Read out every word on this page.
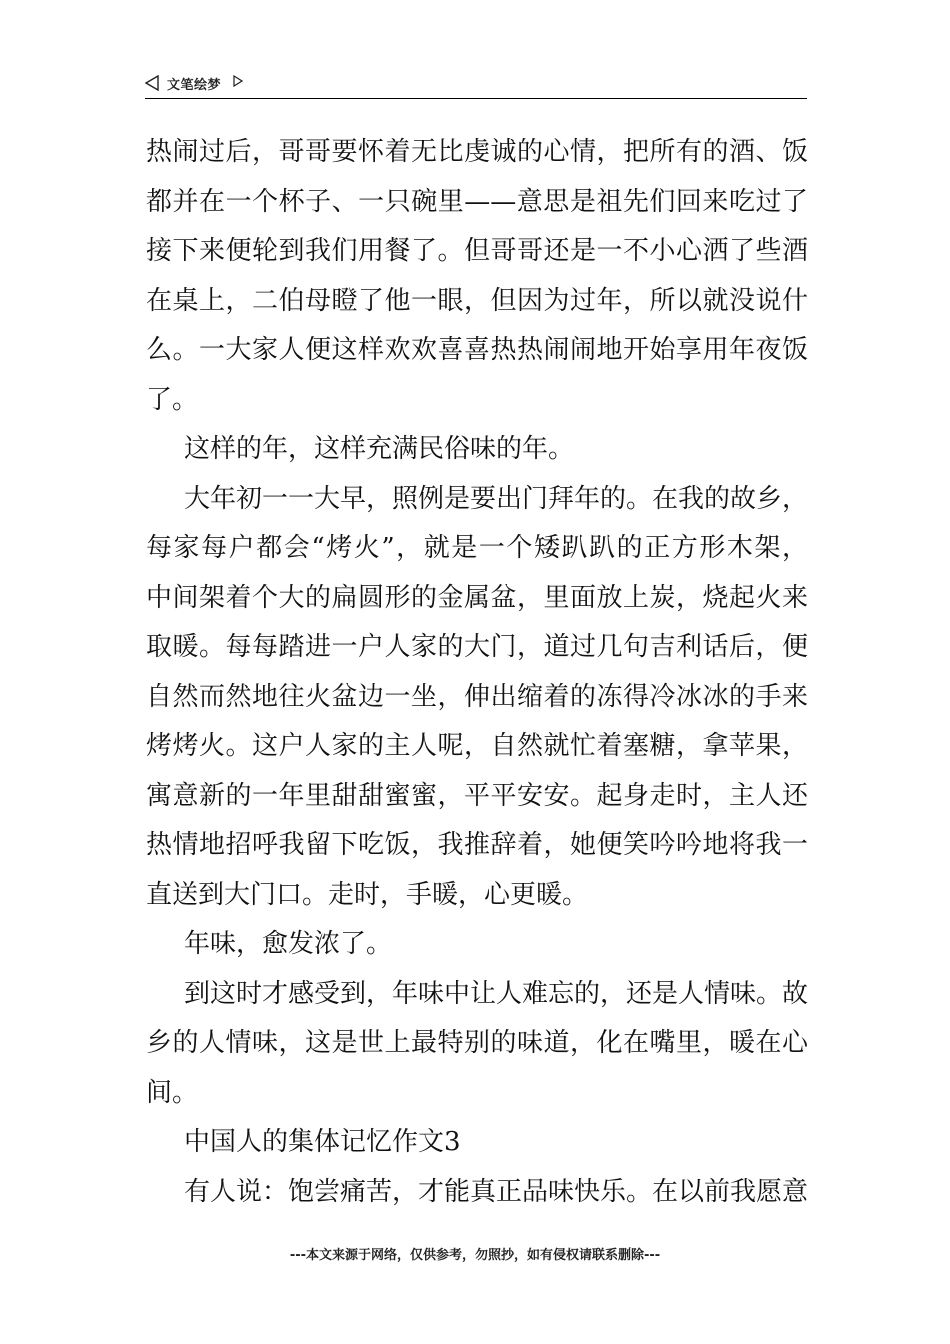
文笔绘梦
热闹过后，哥哥要怀着无比虔诚的心情，把所有的酒、饭
都并在一个杯子、一只碗里——意思是祖先们回来吃过了
接下来便轮到我们用餐了。但哥哥还是一不小心洒了些酒
在桌上，二伯母瞪了他一眼，但因为过年，所以就没说什
么。一大家人便这样欢欢喜喜热热闹闹地开始享用年夜饭
了。
这样的年，这样充满民俗味的年。
大年初一一大早，照例是要出门拜年的。在我的故乡，
每家每户都会“烤火”，就是一个矮趴趴的正方形木架，
中间架着个大的扁圆形的金属盆，里面放上炭，烧起火来
取暖。每每踏进一户人家的大门，道过几句吉利话后，便
自然而然地往火盆边一坐，伸出缩着的冻得冷冰冰的手来
烤烤火。这户人家的主人呢，自然就忙着塞糖，拿苹果，
寓意新的一年里甜甜蜜蜜，平平安安。起身走时，主人还
热情地招呼我留下吃饭，我推辞着，她便笑吟吟地将我一
直送到大门口。走时，手暖，心更暖。
年味，愈发浓了。
到这时才感受到，年味中让人难忘的，还是人情味。故
乡的人情味，这是世上最特别的味道，化在嘴里，暖在心
间。
中国人的集体记忆作文3
有人说：饱尝痛苦，才能真正品味快乐。在以前我愿意
---本文来源于网络，仅供参考，勿照抄，如有侵权请联系删除---
